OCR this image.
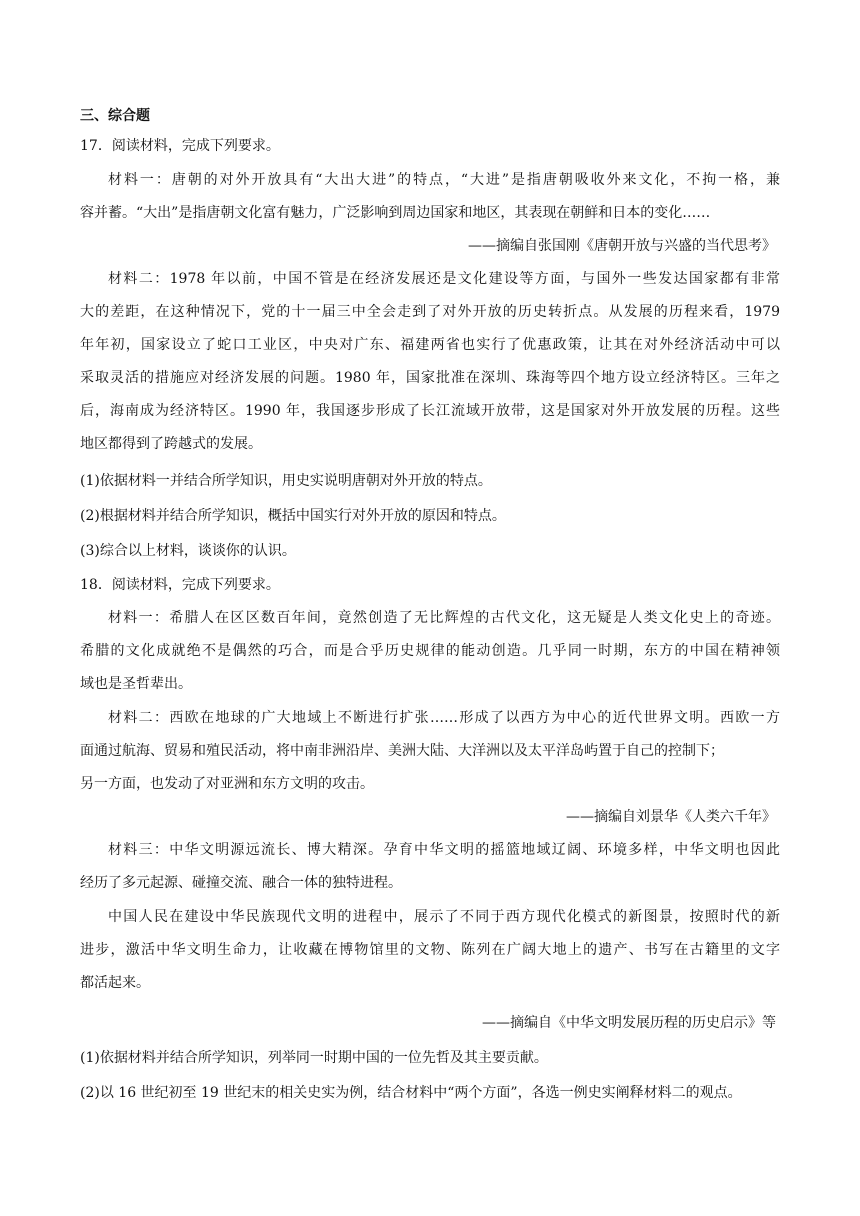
三、综合题
17．阅读材料，完成下列要求。
材料一：唐朝的对外开放具有“大出大进”的特点，“大进”是指唐朝吸收外来文化，不拘一格，兼
容并蓄。“大出”是指唐朝文化富有魅力，广泛影响到周边国家和地区，其表现在朝鲜和日本的变化……
——摘编自张国刚《唐朝开放与兴盛的当代思考》
材料二：1978 年以前，中国不管是在经济发展还是文化建设等方面，与国外一些发达国家都有非常
大的差距，在这种情况下，党的十一届三中全会走到了对外开放的历史转折点。从发展的历程来看，1979
年年初，国家设立了蛇口工业区，中央对广东、福建两省也实行了优惠政策，让其在对外经济活动中可以
采取灵活的措施应对经济发展的问题。1980 年，国家批准在深圳、珠海等四个地方设立经济特区。三年之
后，海南成为经济特区。1990 年，我国逐步形成了长江流域开放带，这是国家对外开放发展的历程。这些
地区都得到了跨越式的发展。
(1)依据材料一并结合所学知识，用史实说明唐朝对外开放的特点。
(2)根据材料并结合所学知识，概括中国实行对外开放的原因和特点。
(3)综合以上材料，谈谈你的认识。
18．阅读材料，完成下列要求。
材料一：希腊人在区区数百年间，竟然创造了无比辉煌的古代文化，这无疑是人类文化史上的奇迹。
希腊的文化成就绝不是偶然的巧合，而是合乎历史规律的能动创造。几乎同一时期，东方的中国在精神领
域也是圣哲辈出。
材料二：西欧在地球的广大地域上不断进行扩张……形成了以西方为中心的近代世界文明。西欧一方
面通过航海、贸易和殖民活动，将中南非洲沿岸、美洲大陆、大洋洲以及太平洋岛屿置于自己的控制下；
另一方面，也发动了对亚洲和东方文明的攻击。
——摘编自刘景华《人类六千年》
材料三：中华文明源远流长、博大精深。孕育中华文明的摇篮地域辽阔、环境多样，中华文明也因此
经历了多元起源、碰撞交流、融合一体的独特进程。
中国人民在建设中华民族现代文明的进程中，展示了不同于西方现代化模式的新图景，按照时代的新
进步，激活中华文明生命力，让收藏在博物馆里的文物、陈列在广阔大地上的遗产、书写在古籍里的文字
都活起来。
——摘编自《中华文明发展历程的历史启示》等
(1)依据材料并结合所学知识，列举同一时期中国的一位先哲及其主要贡献。
(2)以 16 世纪初至 19 世纪末的相关史实为例，结合材料中“两个方面”，各选一例史实阐释材料二的观点。
